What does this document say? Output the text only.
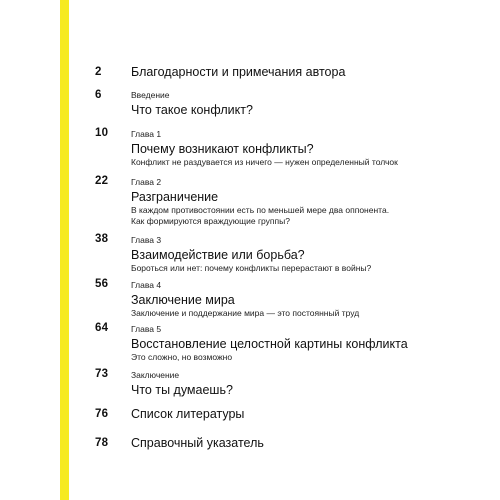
2	Благодарности и примечания автора
6	Введение
Что такое конфликт?
10	Глава 1
Почему возникают конфликты?
Конфликт не раздувается из ничего — нужен определенный толчок
22	Глава 2
Разграничение
В каждом противостоянии есть по меньшей мере два оппонента.
Как формируются враждующие группы?
38	Глава 3
Взаимодействие или борьба?
Бороться или нет: почему конфликты перерастают в войны?
56	Глава 4
Заключение мира
Заключение и поддержание мира — это постоянный труд
64	Глава 5
Восстановление целостной картины конфликта
Это сложно, но возможно
73	Заключение
Что ты думаешь?
76	Список литературы
78	Справочный указатель
